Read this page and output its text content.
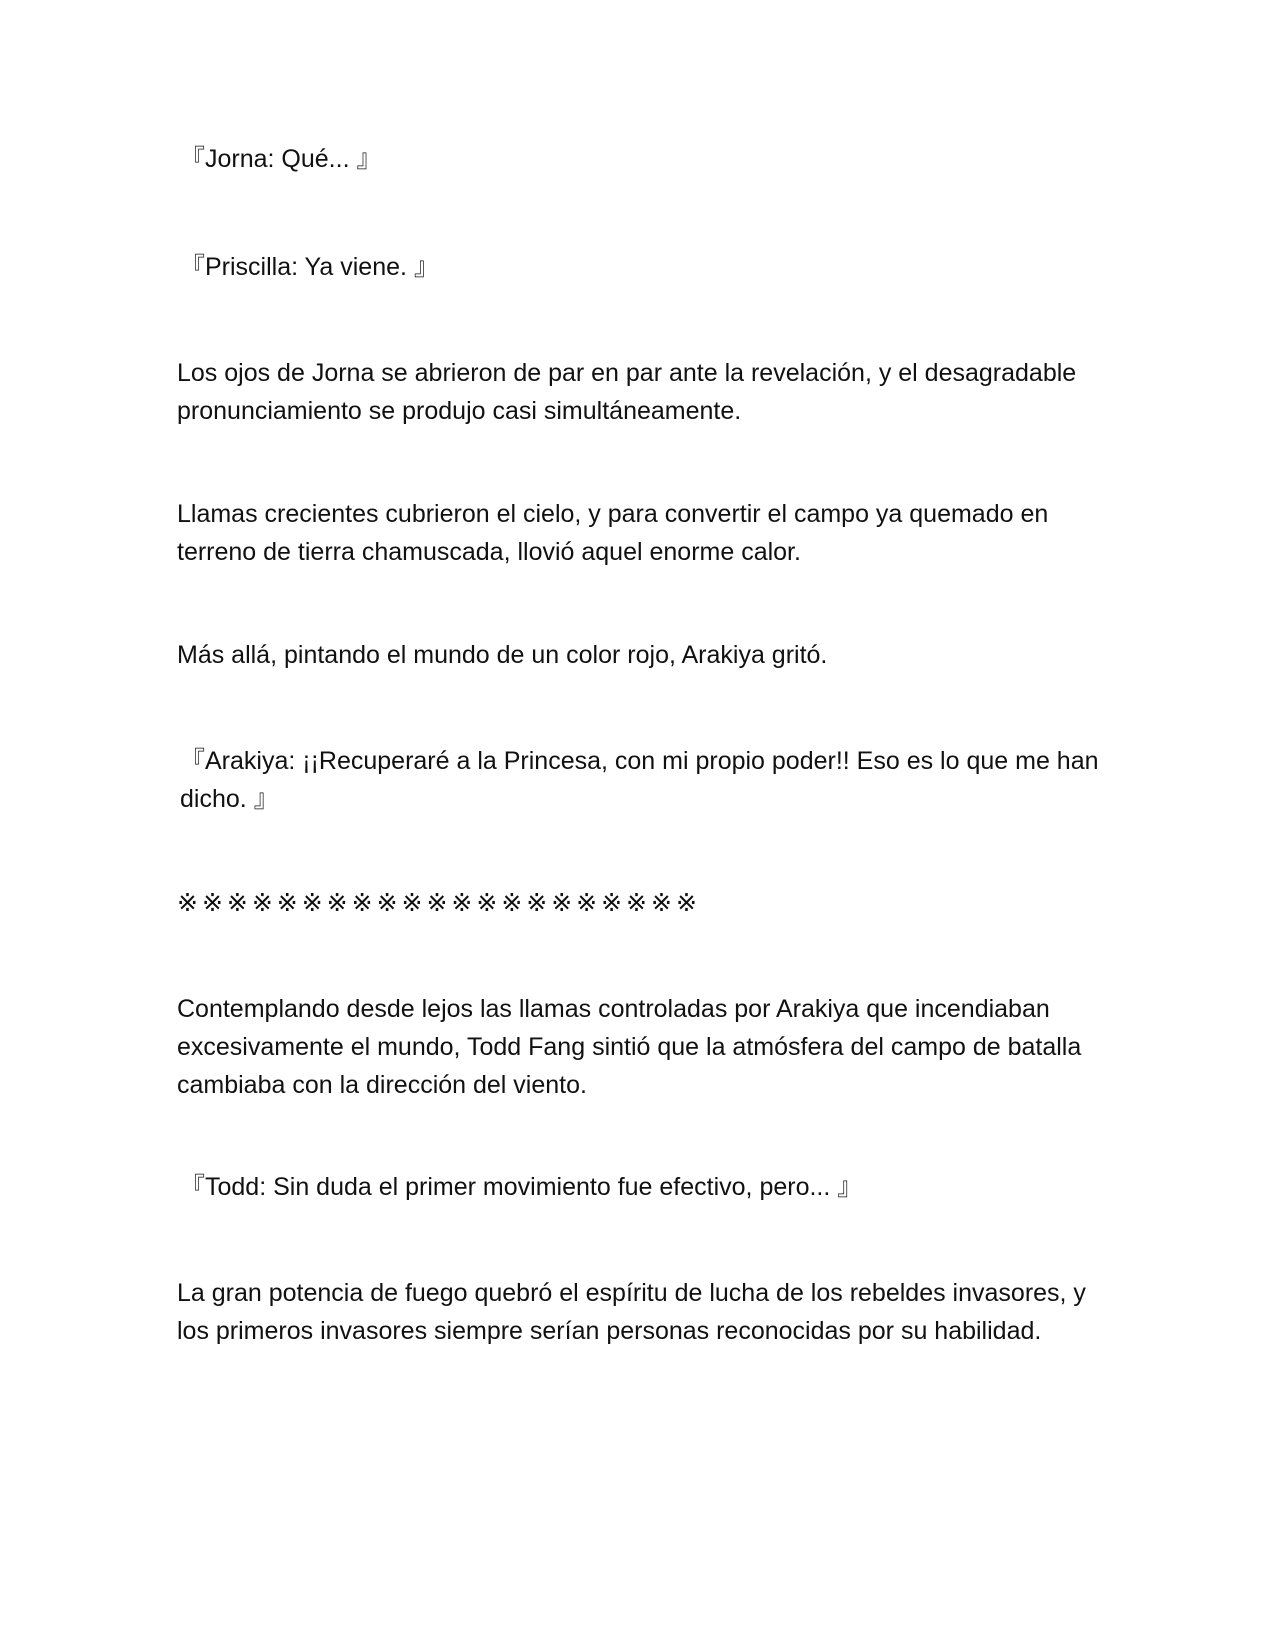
『Jorna: Qué... 』

『Priscilla: Ya viene. 』

Los ojos de Jorna se abrieron de par en par ante la revelación, y el desagradable pronunciamiento se produjo casi simultáneamente.

Llamas crecientes cubrieron el cielo, y para convertir el campo ya quemado en terreno de tierra chamuscada, llovió aquel enorme calor.

Más allá, pintando el mundo de un color rojo, Arakiya gritó.

『Arakiya: ¡¡Recuperaré a la Princesa, con mi propio poder!! Eso es lo que me han dicho. 』

※※※※※※※※※※※※※※※※※※※※※

Contemplando desde lejos las llamas controladas por Arakiya que incendiaban excesivamente el mundo, Todd Fang sintió que la atmósfera del campo de batalla cambiaba con la dirección del viento.

『Todd: Sin duda el primer movimiento fue efectivo, pero... 』

La gran potencia de fuego quebró el espíritu de lucha de los rebeldes invasores, y los primeros invasores siempre serían personas reconocidas por su habilidad.
